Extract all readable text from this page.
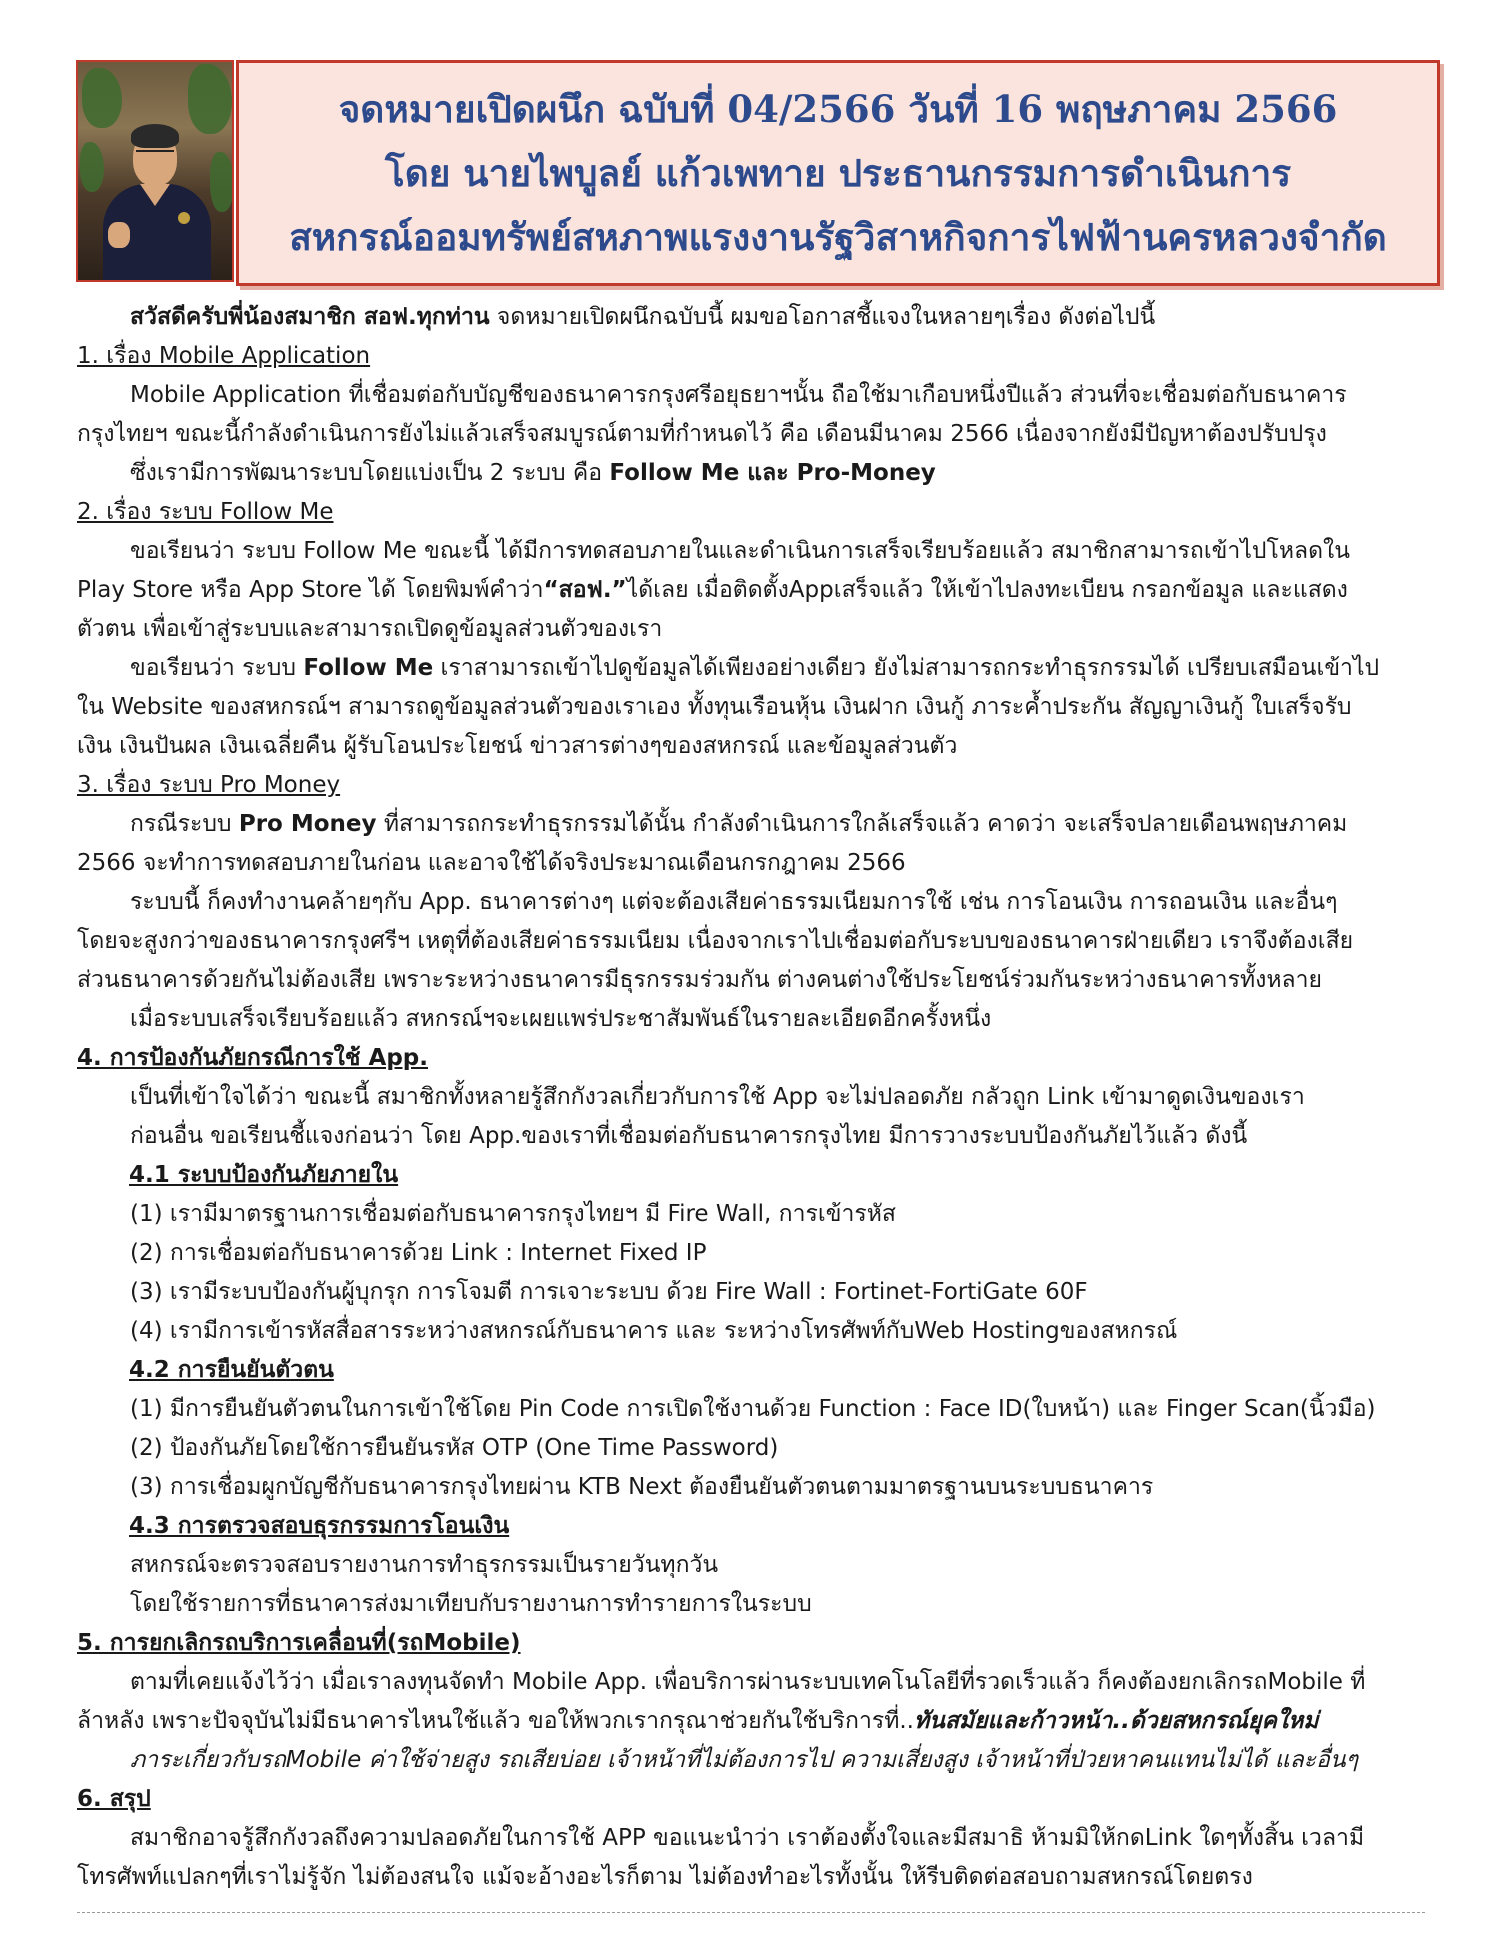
จดหมายเปิดผนึก ฉบับที่ 04/2566 วันที่ 16 พฤษภาคม 2566
โดย นายไพบูลย์ แก้วเพทาย ประธานกรรมการดำเนินการ
สหกรณ์ออมทรัพย์สหภาพแรงงานรัฐวิสาหกิจการไฟฟ้านครหลวงจำกัด
สวัสดีครับพี่น้องสมาชิก สอฟ.ทุกท่าน จดหมายเปิดผนึกฉบับนี้ ผมขอโอกาสชี้แจงในหลายๆเรื่อง ดังต่อไปนี้
1. เรื่อง Mobile Application
Mobile Application ที่เชื่อมต่อกับบัญชีของธนาคารกรุงศรีอยุธยาฯนั้น ถือใช้มาเกือบหนึ่งปีแล้ว ส่วนที่จะเชื่อมต่อกับธนาคาร
กรุงไทยฯ ขณะนี้กำลังดำเนินการยังไม่แล้วเสร็จสมบูรณ์ตามที่กำหนดไว้ คือ เดือนมีนาคม 2566 เนื่องจากยังมีปัญหาต้องปรับปรุง
ซึ่งเรามีการพัฒนาระบบโดยแบ่งเป็น 2 ระบบ คือ Follow Me และ Pro-Money
2. เรื่อง ระบบ Follow Me
ขอเรียนว่า ระบบ Follow Me ขณะนี้ ได้มีการทดสอบภายในและดำเนินการเสร็จเรียบร้อยแล้ว สมาชิกสามารถเข้าไปโหลดใน
Play Store หรือ App Store ได้ โดยพิมพ์คำว่า“สอฟ.”ได้เลย เมื่อติดตั้งAppเสร็จแล้ว ให้เข้าไปลงทะเบียน กรอกข้อมูล และแสดง
ตัวตน เพื่อเข้าสู่ระบบและสามารถเปิดดูข้อมูลส่วนตัวของเรา
ขอเรียนว่า ระบบ Follow Me เราสามารถเข้าไปดูข้อมูลได้เพียงอย่างเดียว ยังไม่สามารถกระทำธุรกรรมได้ เปรียบเสมือนเข้าไป
ใน Website ของสหกรณ์ฯ สามารถดูข้อมูลส่วนตัวของเราเอง ทั้งทุนเรือนหุ้น เงินฝาก เงินกู้ ภาระค้ำประกัน สัญญาเงินกู้ ใบเสร็จรับ
เงิน เงินปันผล เงินเฉลี่ยคืน ผู้รับโอนประโยชน์ ข่าวสารต่างๆของสหกรณ์ และข้อมูลส่วนตัว
3. เรื่อง ระบบ Pro Money
กรณีระบบ Pro Money ที่สามารถกระทำธุรกรรมได้นั้น กำลังดำเนินการใกล้เสร็จแล้ว คาดว่า จะเสร็จปลายเดือนพฤษภาคม
2566 จะทำการทดสอบภายในก่อน และอาจใช้ได้จริงประมาณเดือนกรกฎาคม 2566
ระบบนี้ ก็คงทำงานคล้ายๆกับ App. ธนาคารต่างๆ แต่จะต้องเสียค่าธรรมเนียมการใช้ เช่น การโอนเงิน การถอนเงิน และอื่นๆ
โดยจะสูงกว่าของธนาคารกรุงศรีฯ เหตุที่ต้องเสียค่าธรรมเนียม เนื่องจากเราไปเชื่อมต่อกับระบบของธนาคารฝ่ายเดียว เราจึงต้องเสีย
ส่วนธนาคารด้วยกันไม่ต้องเสีย เพราะระหว่างธนาคารมีธุรกรรมร่วมกัน ต่างคนต่างใช้ประโยชน์ร่วมกันระหว่างธนาคารทั้งหลาย
เมื่อระบบเสร็จเรียบร้อยแล้ว สหกรณ์ฯจะเผยแพร่ประชาสัมพันธ์ในรายละเอียดอีกครั้งหนึ่ง
4. การป้องกันภัยกรณีการใช้ App.
เป็นที่เข้าใจได้ว่า ขณะนี้ สมาชิกทั้งหลายรู้สึกกังวลเกี่ยวกับการใช้ App จะไม่ปลอดภัย กลัวถูก Link เข้ามาดูดเงินของเรา
ก่อนอื่น ขอเรียนชี้แจงก่อนว่า โดย App.ของเราที่เชื่อมต่อกับธนาคารกรุงไทย มีการวางระบบป้องกันภัยไว้แล้ว ดังนี้
4.1 ระบบป้องกันภัยภายใน
(1) เรามีมาตรฐานการเชื่อมต่อกับธนาคารกรุงไทยฯ มี Fire Wall, การเข้ารหัส
(2) การเชื่อมต่อกับธนาคารด้วย Link : Internet Fixed IP
(3) เรามีระบบป้องกันผู้บุกรุก การโจมตี การเจาะระบบ ด้วย Fire Wall : Fortinet-FortiGate 60F
(4) เรามีการเข้ารหัสสื่อสารระหว่างสหกรณ์กับธนาคาร และ ระหว่างโทรศัพท์กับWeb Hostingของสหกรณ์
4.2 การยืนยันตัวตน
(1) มีการยืนยันตัวตนในการเข้าใช้โดย Pin Code การเปิดใช้งานด้วย Function : Face ID(ใบหน้า) และ Finger Scan(นิ้วมือ)
(2) ป้องกันภัยโดยใช้การยืนยันรหัส OTP (One Time Password)
(3) การเชื่อมผูกบัญชีกับธนาคารกรุงไทยผ่าน KTB Next ต้องยืนยันตัวตนตามมาตรฐานบนระบบธนาคาร
4.3 การตรวจสอบธุรกรรมการโอนเงิน
สหกรณ์จะตรวจสอบรายงานการทำธุรกรรมเป็นรายวันทุกวัน
โดยใช้รายการที่ธนาคารส่งมาเทียบกับรายงานการทำรายการในระบบ
5. การยกเลิกรถบริการเคลื่อนที่(รถMobile)
ตามที่เคยแจ้งไว้ว่า เมื่อเราลงทุนจัดทำ Mobile App. เพื่อบริการผ่านระบบเทคโนโลยีที่รวดเร็วแล้ว ก็คงต้องยกเลิกรถMobile ที่
ล้าหลัง เพราะปัจจุบันไม่มีธนาคารไหนใช้แล้ว ขอให้พวกเรากรุณาช่วยกันใช้บริการที่..ทันสมัยและก้าวหน้า..ด้วยสหกรณ์ยุคใหม่
ภาระเกี่ยวกับรถMobile ค่าใช้จ่ายสูง รถเสียบ่อย เจ้าหน้าที่ไม่ต้องการไป ความเสี่ยงสูง เจ้าหน้าที่ป่วยหาคนแทนไม่ได้ และอื่นๆ
6. สรุป
สมาชิกอาจรู้สึกกังวลถึงความปลอดภัยในการใช้ APP ขอแนะนำว่า เราต้องตั้งใจและมีสมาธิ ห้ามมิให้กดLink ใดๆทั้งสิ้น เวลามี
โทรศัพท์แปลกๆที่เราไม่รู้จัก ไม่ต้องสนใจ แม้จะอ้างอะไรก็ตาม ไม่ต้องทำอะไรทั้งนั้น ให้รีบติดต่อสอบถามสหกรณ์โดยตรง
